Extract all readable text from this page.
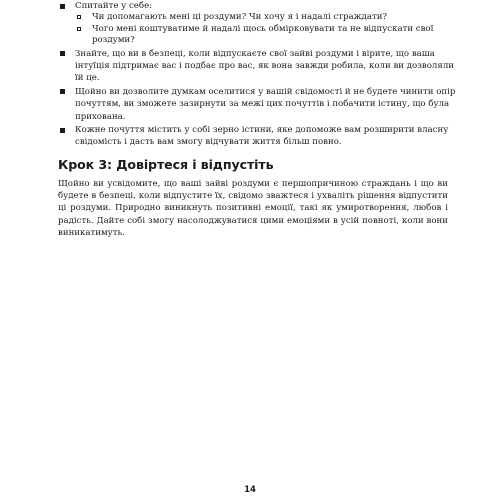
Спитайте у себе:
Чи допомагають мені ці роздуми? Чи хочу я і надалі страждати?
Чого мені коштуватиме й надалі щось обмірковувати та не відпускати свої роздуми?
Знайте, що ви в безпеці, коли відпускаєте свої зайві роздуми і вірите, що ваша інтуїція підтримає вас і подбає про вас, як вона завжди робила, коли ви дозволяли їй це.
Щойно ви дозволите думкам оселитися у вашій свідомості й не будете чинити опір почуттям, ви зможете зазирнути за межі цих почуттів і побачити істину, що була прихована.
Кожне почуття містить у собі зерно істини, яке допоможе вам розширити власну свідомість і дасть вам змогу відчувати життя більш повно.
Крок 3: Довіртеся і відпустіть

Щойно ви усвідомите, що ваші зайві роздуми є першопричиною страждань і що ви будете в безпеці, коли відпустите їх, свідомо зважтеся і ухваліть рішення відпустити ці роздуми. Природно виникнуть позитивні емоції, такі як умиротворення, любов і радість. Дайте собі змогу насолоджуватися цими емоціями в усій повноті, коли вони виникатимуть.

14
